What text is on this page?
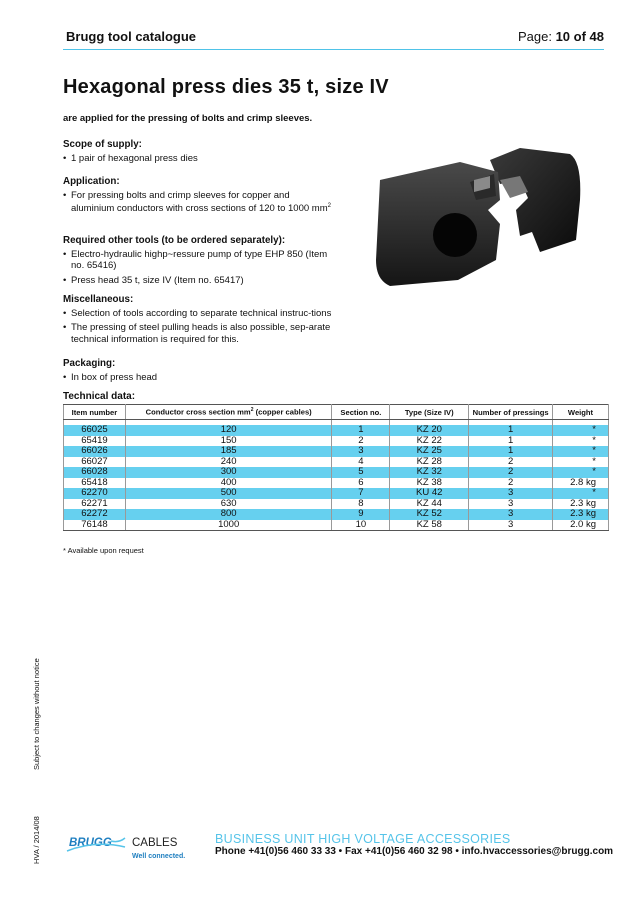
Brugg tool catalogue	Page: 10 of 48
Hexagonal press dies 35 t, size IV
are applied for the pressing of bolts and crimp sleeves.
Scope of supply:
• 1 pair of hexagonal press dies
Application:
• For pressing bolts and crimp sleeves for copper and aluminium conductors with cross sections of 120 to 1000 $mm^2$
Required other tools (to be ordered separately):
• Electro-hydraulic highp~ressure pump of type EHP 850 (Item no. 65416)
• Press head 35 t, size IV (Item no. 65417)
Miscellaneous:
• Selection of tools according to separate technical instruc-tions
• The pressing of steel pulling heads is also possible, sep-arate technical information is required for this.
Packaging:
• In box of press head
Technical data:
Item number	Conductor cross section $mm^2$ (copper cables)	Section no.	Type (Size IV)	Number of pressings	Weight

66025	120	1	KZ 20	1	*
65419	150	2	KZ 22	1	*
66026	185	3	KZ 25	1	*
66027	240	4	KZ 28	2	*
66028	300	5	KZ 32	2	*
65418	400	6	KZ 38	2	2.8 kg
62270	500	7	KU 42	3	*
62271	630	8	KZ 44	3	2.3 kg
62272	800	9	KZ 52	3	2.3 kg
76148	1000	10	KZ 58	3	2.0 kg
* Available upon request
Subject to changes without notice
HVA / 2014/08 BRUGG CABLES
Well connected.
BUSINESS UNIT HIGH VOLTAGE ACCESSORIES
Phone +41(0)56 460 33 33 • Fax +41(0)56 460 32 98 • info.hvaccessories@brugg.com
